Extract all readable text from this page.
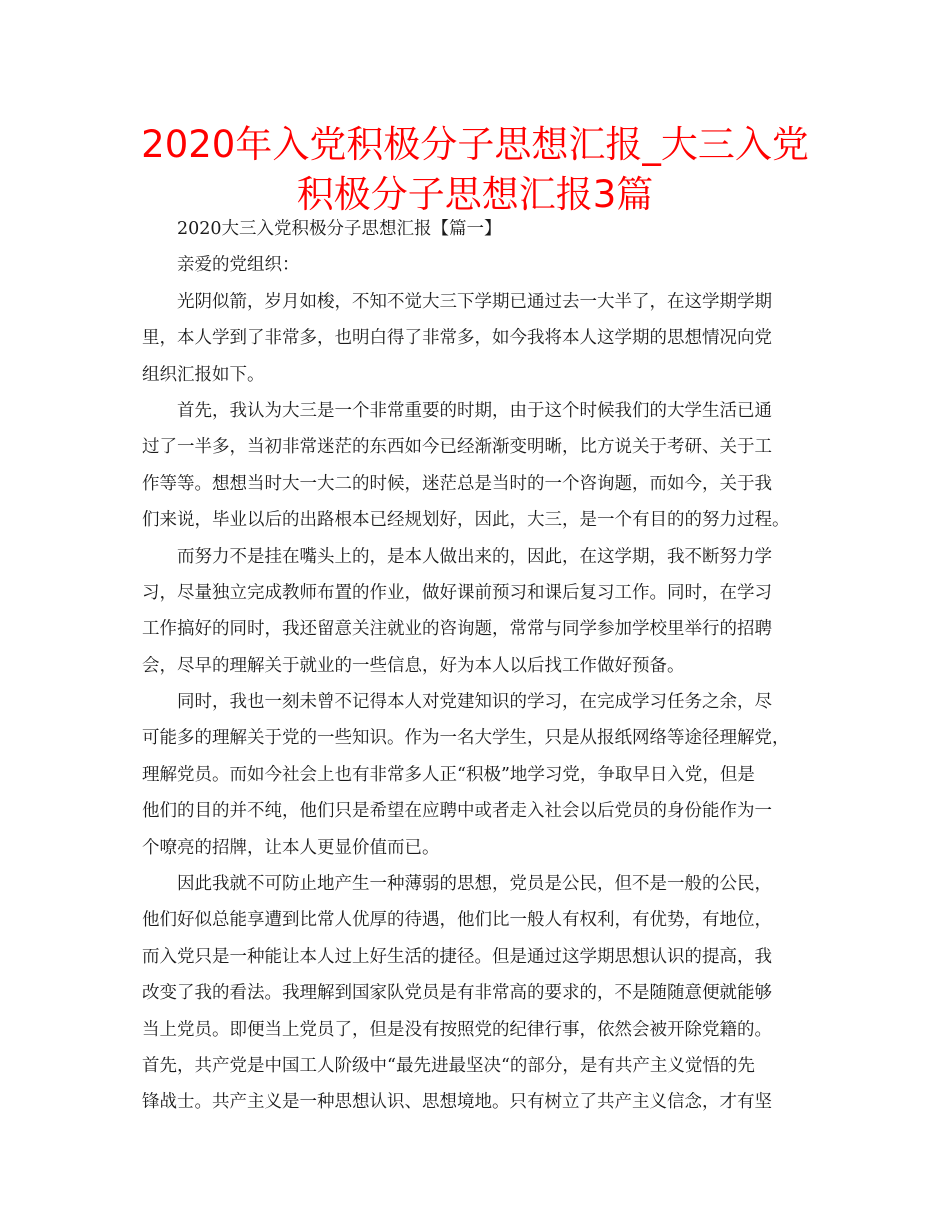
2020年入党积极分子思想汇报_大三入党
积极分子思想汇报3篇
2020大三入党积极分子思想汇报【篇一】
亲爱的党组织：
光阴似箭，岁月如梭，不知不觉大三下学期已通过去一大半了，在这学期学期
里，本人学到了非常多，也明白得了非常多，如今我将本人这学期的思想情况向党
组织汇报如下。
首先，我认为大三是一个非常重要的时期，由于这个时候我们的大学生活已通
过了一半多，当初非常迷茫的东西如今已经渐渐变明晰，比方说关于考研、关于工
作等等。想想当时大一大二的时候，迷茫总是当时的一个咨询题，而如今，关于我
们来说，毕业以后的出路根本已经规划好，因此，大三，是一个有目的的努力过程。
而努力不是挂在嘴头上的，是本人做出来的，因此，在这学期，我不断努力学
习，尽量独立完成教师布置的作业，做好课前预习和课后复习工作。同时，在学习
工作搞好的同时，我还留意关注就业的咨询题，常常与同学参加学校里举行的招聘
会，尽早的理解关于就业的一些信息，好为本人以后找工作做好预备。
同时，我也一刻未曾不记得本人对党建知识的学习，在完成学习任务之余，尽
可能多的理解关于党的一些知识。作为一名大学生，只是从报纸网络等途径理解党，
理解党员。而如今社会上也有非常多人正“积极”地学习党，争取早日入党，但是
他们的目的并不纯，他们只是希望在应聘中或者走入社会以后党员的身份能作为一
个嘹亮的招牌，让本人更显价值而已。
因此我就不可防止地产生一种薄弱的思想，党员是公民，但不是一般的公民，
他们好似总能享遭到比常人优厚的待遇，他们比一般人有权利，有优势，有地位，
而入党只是一种能让本人过上好生活的捷径。但是通过这学期思想认识的提高，我
改变了我的看法。我理解到国家队党员是有非常高的要求的，不是随随意便就能够
当上党员。即便当上党员了，但是没有按照党的纪律行事，依然会被开除党籍的。
首先，共产党是中国工人阶级中“最先进最坚决“的部分，是有共产主义觉悟的先
锋战士。共产主义是一种思想认识、思想境地。只有树立了共产主义信念，才有坚
